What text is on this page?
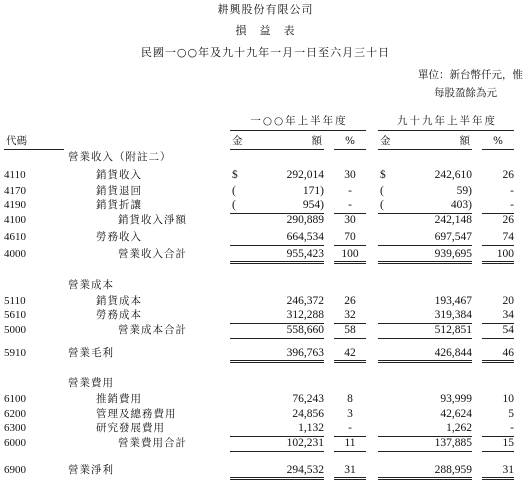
耕興股份有限公司
損　益　表
民國一○○年及九十九年一月一日至六月三十日
單位：新台幣仟元，惟
每股盈餘為元
一○○年上半年度	九十九年上半年度
代碼	金	額	%	金	額	%
營業收入（附註二）
4110	銷貨收入	$	292,014	30	$	242,610	26
4170	銷貨退回	(	171)	-	(	59)	-
4190	銷貨折讓	(	954)	-	(	403)	-
4100	銷貨收入淨額	290,889	30	242,148	26
4610	勞務收入	664,534	70	697,547	74
4000	營業收入合計	955,423	100	939,695	100
營業成本
5110	銷貨成本	246,372	26	193,467	20
5610	勞務成本	312,288	32	319,384	34
5000	營業成本合計	558,660	58	512,851	54
5910	營業毛利	396,763	42	426,844	46
營業費用
6100	推銷費用	76,243	8	93,999	10
6200	管理及總務費用	24,856	3	42,624	5
6300	研究發展費用	1,132	-	1,262	-
6000	營業費用合計	102,231	11	137,885	15
6900	營業淨利	294,532	31	288,959	31
